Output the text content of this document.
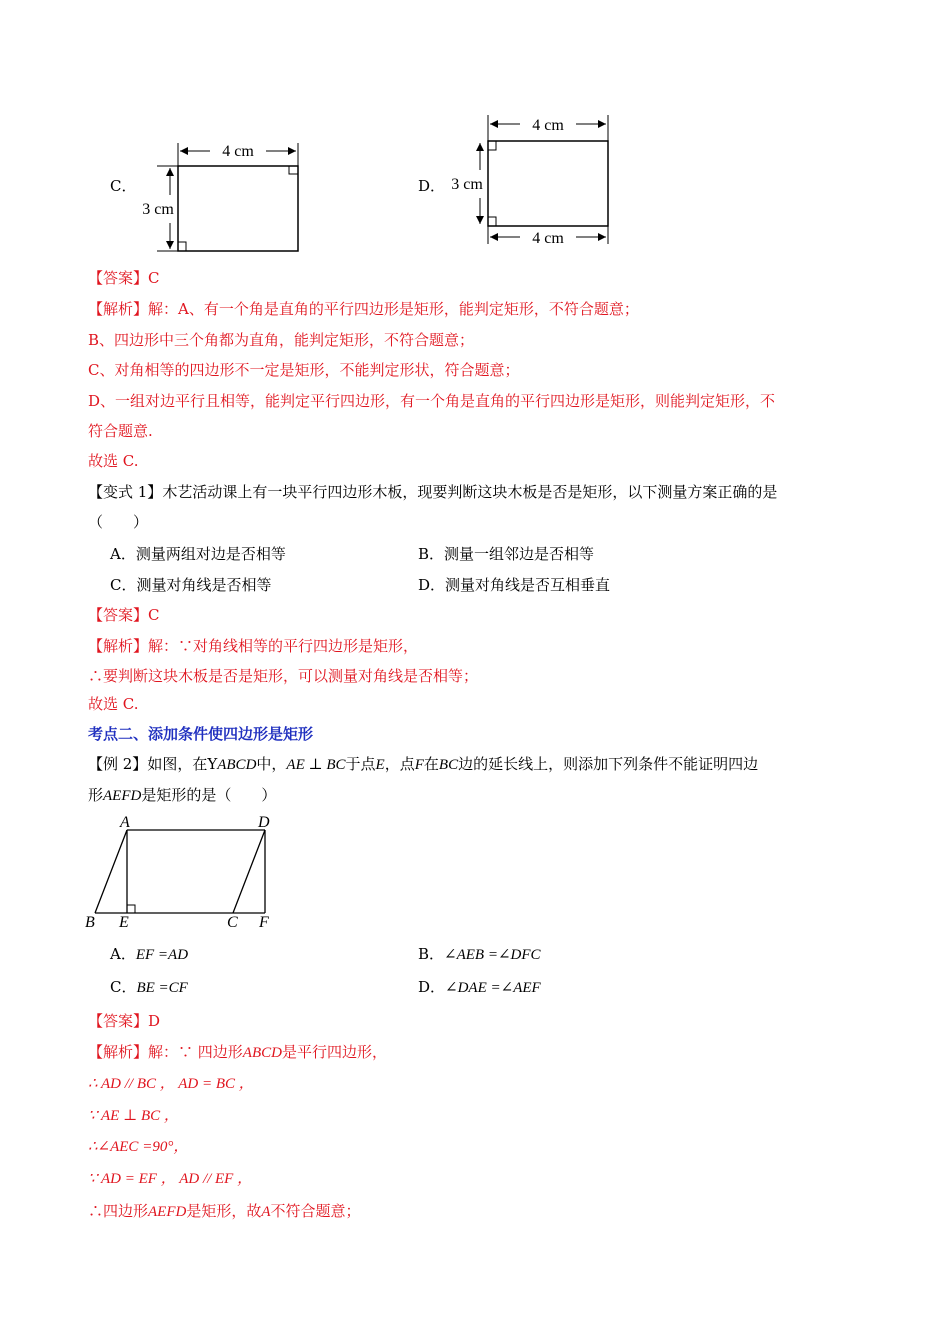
C．
4 cm
3 cm
D．
4 cm
4 cm
3 cm
【答案】C
【解析】解：A、有一个角是直角的平行四边形是矩形，能判定矩形，不符合题意；
B、四边形中三个角都为直角，能判定矩形，不符合题意；
C、对角相等的四边形不一定是矩形，不能判定形状，符合题意；
D、一组对边平行且相等，能判定平行四边形，有一个角是直角的平行四边形是矩形，则能判定矩形，不
符合题意.
故选 C.
【变式 1】木艺活动课上有一块平行四边形木板，现要判断这块木板是否是矩形，以下测量方案正确的是
（　　）
A．测量两组对边是否相等	B．测量一组邻边是否相等
C．测量对角线是否相等	D．测量对角线是否互相垂直
【答案】C
【解析】解：∵对角线相等的平行四边形是矩形，
∴要判断这块木板是否是矩形，可以测量对角线是否相等；
故选 C.
考点二、添加条件使四边形是矩形
【例 2】如图，在YABCD中，AE ⊥ BC于点E，点F在BC边的延长线上，则添加下列条件不能证明四边
形AEFD是矩形的是（　　）
A	D
B E	C F
A．EF =AD	B．∠AEB =∠DFC
C．BE =CF	D．∠DAE =∠AEF
【答案】D
【解析】解：∵ 四边形ABCD是平行四边形，
∴ AD // BC ， AD = BC ，
∵ AE ⊥ BC ，
∴∠AEC =90°，
∵ AD = EF ， AD // EF ，
∴四边形AEFD是矩形，故A不符合题意；
